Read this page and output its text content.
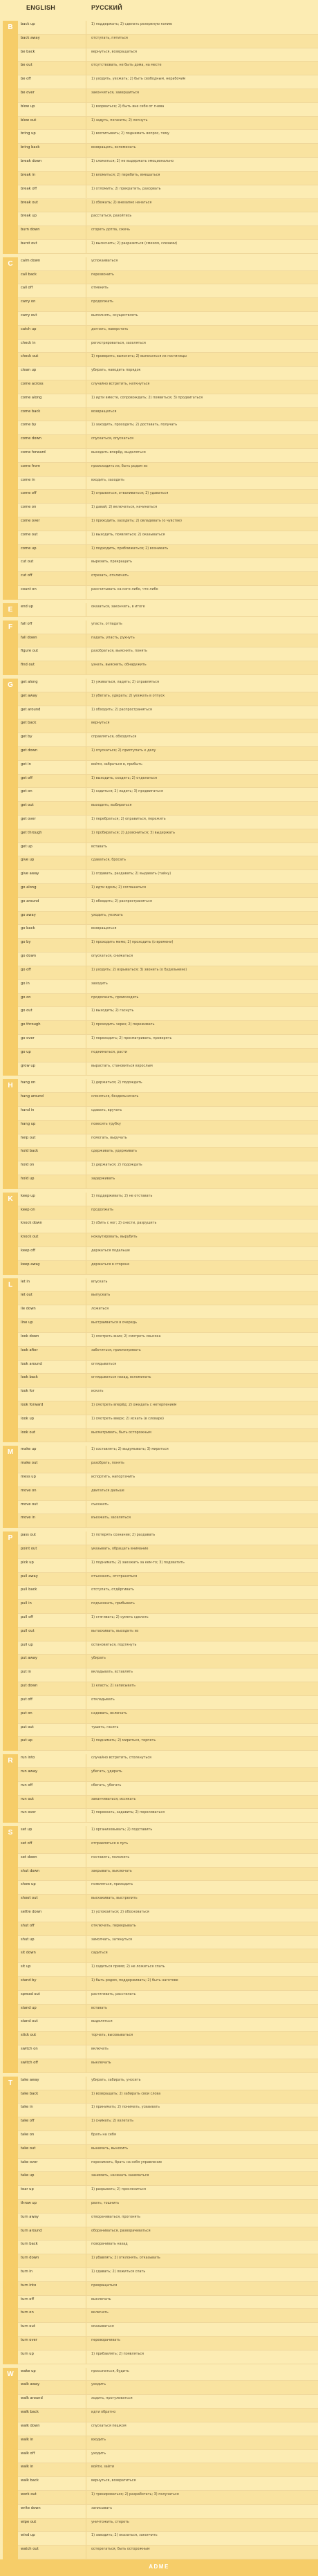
ENGLISH	РУССКИЙ
B	back up	1) поддержать; 2) сделать резервную копию
back away	отступать, пятиться
be back	вернуться, возвращаться
be out	отсутствовать, не быть дома, на месте
be off	1) уходить, уезжать; 2) быть свободным, нерабочим
be over	закончиться, завершиться
blow up	1) взорваться; 2) быть вне себя от гнева
blow out	1) задуть, погасить; 2) лопнуть
bring up	1) воспитывать; 2) поднимать вопрос, тему
bring back	возвращать, вспоминать
break down	1) сломаться; 2) не выдержать эмоционально
break in	1) вломиться; 2) перебить, вмешаться
break off	1) отломить; 2) прекратить, разорвать
break out	1) сбежать; 2) внезапно начаться
break up	расстаться, разойтись
burn down	сгореть дотла, сжечь
burst out	1) выскочить; 2) разразиться (смехом, слезами)
C	calm down	успокаиваться
call back	перезвонить
call off	отменить
carry on	продолжать
carry out	выполнять, осуществлять
catch up	догнать, наверстать
check in	регистрироваться, заселяться
check out	1) проверить, выяснить; 2) выписаться из гостиницы
clean up	убирать, наводить порядок
come across	случайно встретить, наткнуться
come along	1) идти вместе, сопровождать; 2) появиться; 3) продвигаться
come back	возвращаться
come by	1) заходить, проходить; 2) доставать, получать
come down	спускаться, опускаться
come forward	выходить вперёд, выделяться
come from	происходить из, быть родом из
come in	входить, заходить
come off	1) отрываться, отваливаться; 2) удаваться
come on	1) давай; 2) включаться, начинаться
come over	1) приходить, заходить; 2) овладевать (о чувстве)
come out	1) выходить, появляться; 2) оказываться
come up	1) подходить, приближаться; 2) возникать
cut out	вырезать, прекращать
cut off	отрезать, отключать
count on	рассчитывать на кого-либо, что-либо
E	end up	оказаться, закончить, в итоге
F	fall off	упасть, отпадать
fall down	падать, упасть, рухнуть
figure out	разобраться, выяснить, понять
find out	узнать, выяснить, обнаружить
G	get along	1) уживаться, ладить; 2) справляться
get away	1) убегать, удирать; 2) уезжать в отпуск
get around	1) обходить; 2) распространяться
get back	вернуться
get by	справляться, обходиться
get down	1) спускаться; 2) приступать к делу
get in	войти, забраться в, прибыть
get off	1) выходить, сходить; 2) отделаться
get on	1) садиться; 2) ладить; 3) продвигаться
get out	выходить, выбираться
get over	1) перебраться; 2) оправиться, пережить
get through	1) пробираться; 2) дозвониться; 3) выдержать
get up	вставать
give up	сдаваться, бросать
give away	1) отдавать, раздавать; 2) выдавать (тайну)
go along	1) идти вдоль; 2) соглашаться
go around	1) обходить; 2) распространяться
go away	уходить, уезжать
go back	возвращаться
go by	1) проходить мимо; 2) проходить (о времени)
go down	опускаться, снижаться
go off	1) уходить; 2) взрываться; 3) звонить (о будильнике)
go in	заходить
go on	продолжать, происходить
go out	1) выходить; 2) гаснуть
go through	1) проходить через; 2) переживать
go over	1) переходить; 2) просматривать, проверять
go up	подниматься, расти
grow up	вырастать, становиться взрослым
H	hang on	1) держаться; 2) подождать
hang around	слоняться, бездельничать
hand in	сдавать, вручать
hang up	повесить трубку
help out	помогать, выручать
hold back	сдерживать, удерживать
hold on	1) держаться; 2) подождать
hold up	задерживать
K	keep up	1) поддерживать; 2) не отставать
keep on	продолжать
knock down	1) сбить с ног; 2) снести, разрушить
knock out	нокаутировать, вырубить
keep off	держаться подальше
keep away	держаться в стороне
L	let in	впускать
let out	выпускать
lie down	ложиться
line up	выстраиваться в очередь
look down	1) смотреть вниз; 2) смотреть свысока
look after	заботиться, присматривать
look around	оглядываться
look back	оглядываться назад, вспоминать
look for	искать
look forward	1) смотреть вперёд; 2) ожидать с нетерпением
look up	1) смотреть вверх; 2) искать (в словаре)
look out	высматривать, быть осторожным
M	make up	1) составлять; 2) выдумывать; 3) мириться
make out	разобрать, понять
mess up	испортить, напортачить
move on	двигаться дальше
move out	съезжать
move in	въезжать, заселяться
P	pass out	1) потерять сознание; 2) раздавать
point out	указывать, обращать внимание
pick up	1) поднимать; 2) заезжать за кем-то; 3) подхватить
pull away	отъезжать, отстраняться
pull back	отступать, отдёргивать
pull in	подъезжать, прибывать
pull off	1) стягивать; 2) суметь сделать
pull out	вытаскивать, выходить из
pull up	остановиться, подтянуть
put away	убирать
put in	вкладывать, вставлять
put down	1) класть; 2) записывать
put off	откладывать
put on	надевать, включать
put out	тушить, гасить
put up	1) поднимать; 2) мириться, терпеть
R	run into	случайно встретить, столкнуться
run away	убегать, удирать
run off	сбегать, убегать
run out	заканчиваться, иссякать
run over	1) переехать, задавить; 2) переливаться
S	set up	1) организовывать; 2) подставить
set off	отправляться в путь
set down	поставить, положить
shut down	закрывать, выключать
show up	появляться, приходить
shoot out	выскакивать, выстрелить
settle down	1) успокоиться; 2) обосноваться
shut off	отключать, перекрывать
shut up	замолчать, заткнуться
sit down	садиться
sit up	1) садиться прямо; 2) не ложиться спать
stand by	1) быть рядом, поддерживать; 2) быть наготове
spread out	растягивать, расстилать
stand up	вставать
stand out	выделяться
stick out	торчать, высовываться
switch on	включать
switch off	выключать
T	take away	убирать, забирать, уносить
take back	1) возвращать; 2) забирать свои слова
take in	1) принимать; 2) понимать, усваивать
take off	1) снимать; 2) взлетать
take on	брать на себя
take out	вынимать, выносить
take over	перенимать, брать на себя управление
take up	занимать, начинать заниматься
tear up	1) разрывать; 2) прослезиться
throw up	рвать, тошнить
turn away	отворачиваться, прогонять
turn around	оборачиваться, разворачиваться
turn back	поворачивать назад
turn down	1) убавлять; 2) отклонять, отказывать
turn in	1) сдавать; 2) ложиться спать
turn into	превращаться
turn off	выключать
turn on	включать
turn out	оказываться
turn over	переворачивать
turn up	1) прибавлять; 2) появляться
W	wake up	просыпаться, будить
walk away	уходить
walk around	ходить, прогуливаться
walk back	идти обратно
walk down	спускаться пешком
walk in	входить
walk off	уходить
walk in	войти, зайти
walk back	вернуться, возвратиться
work out	1) тренироваться; 2) разработать; 3) получаться
write down	записывать
wipe out	уничтожить, стереть
wind up	1) заводить; 2) оказаться, закончить
watch out	остерегаться, быть осторожным
ADME
